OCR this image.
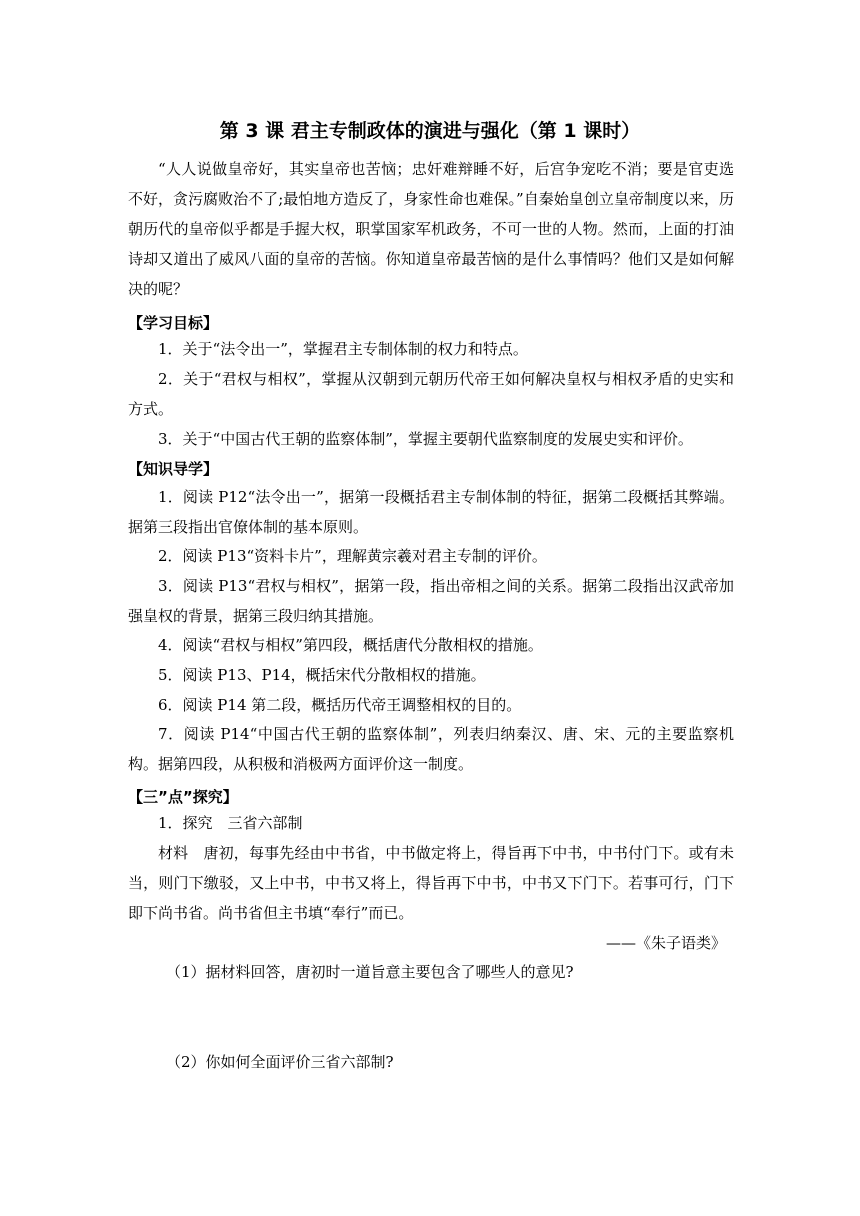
第 3 课 君主专制政体的演进与强化（第 1 课时）
“人人说做皇帝好，其实皇帝也苦恼；忠奸难辩睡不好，后宫争宠吃不消；要是官吏选不好，贪污腐败治不了;最怕地方造反了，身家性命也难保。”自秦始皇创立皇帝制度以来，历朝历代的皇帝似乎都是手握大权，职掌国家军机政务，不可一世的人物。然而，上面的打油诗却又道出了威风八面的皇帝的苦恼。你知道皇帝最苦恼的是什么事情吗？他们又是如何解决的呢？
【学习目标】
1．关于“法令出一”，掌握君主专制体制的权力和特点。
2．关于“君权与相权”，掌握从汉朝到元朝历代帝王如何解决皇权与相权矛盾的史实和方式。
3．关于“中国古代王朝的监察体制”，掌握主要朝代监察制度的发展史实和评价。
【知识导学】
1．阅读 P12“法令出一”，据第一段概括君主专制体制的特征，据第二段概括其弊端。据第三段指出官僚体制的基本原则。
2．阅读 P13“资料卡片”，理解黄宗羲对君主专制的评价。
3．阅读 P13“君权与相权”，据第一段，指出帝相之间的关系。据第二段指出汉武帝加强皇权的背景，据第三段归纳其措施。
4．阅读“君权与相权”第四段，概括唐代分散相权的措施。
5．阅读 P13、P14，概括宋代分散相权的措施。
6．阅读 P14 第二段，概括历代帝王调整相权的目的。
7．阅读 P14“中国古代王朝的监察体制”，列表归纳秦汉、唐、宋、元的主要监察机构。据第四段，从积极和消极两方面评价这一制度。
【三”点”探究】
1．探究　三省六部制
材料　唐初，每事先经由中书省，中书做定将上，得旨再下中书，中书付门下。或有未当，则门下缴驳，又上中书，中书又将上，得旨再下中书，中书又下门下。若事可行，门下即下尚书省。尚书省但主书填“奉行”而已。
——《朱子语类》
（1）据材料回答，唐初时一道旨意主要包含了哪些人的意见?
（2）你如何全面评价三省六部制?
